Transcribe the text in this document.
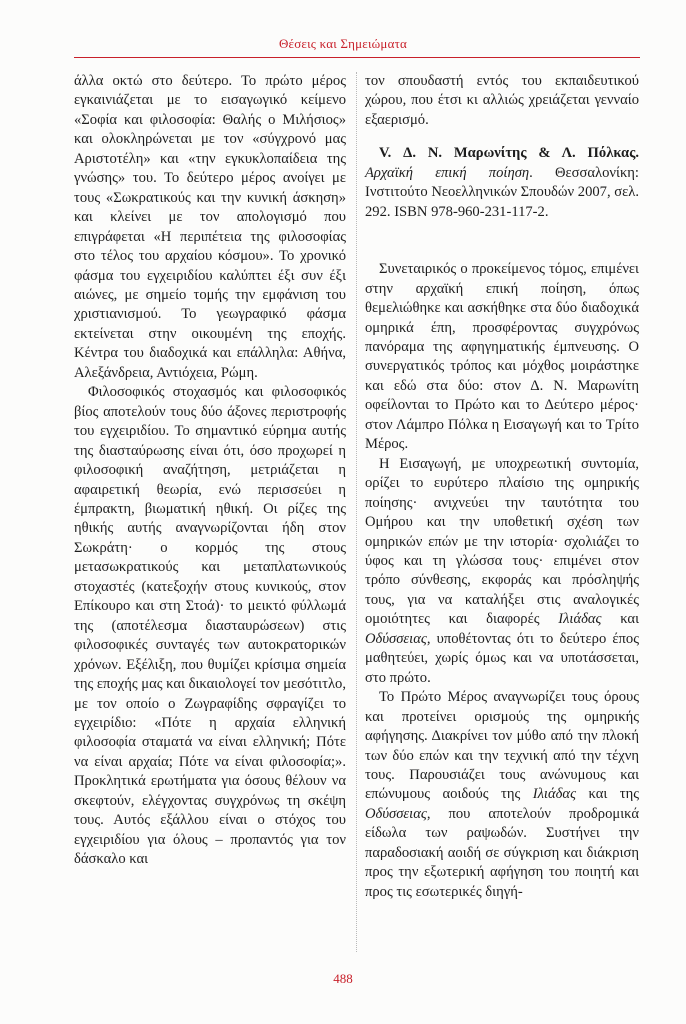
Θέσεις και Σημειώματα

άλλα οκτώ στο δεύτερο. Το πρώτο μέρος εγκαινιάζεται με το εισαγωγικό κείμενο «Σοφία και φιλοσοφία: Θαλής ο Μιλήσιος» και ολοκληρώνεται με τον «σύγχρονό μας Αριστοτέλη» και «την εγκυκλοπαίδεια της γνώσης» του. Το δεύτερο μέρος ανοίγει με τους «Σωκρατικούς και την κυνική άσκηση» και κλείνει με τον απολογισμό που επιγράφεται «Η περιπέτεια της φιλοσοφίας στο τέλος του αρχαίου κόσμου». Το χρονικό φάσμα του εγχειριδίου καλύπτει έξι συν έξι αιώνες, με σημείο τομής την εμφάνιση του χριστιανισμού. Το γεωγραφικό φάσμα εκτείνεται στην οικουμένη της εποχής. Κέντρα του διαδοχικά και επάλληλα: Αθήνα, Αλεξάνδρεια, Αντιόχεια, Ρώμη.

Φιλοσοφικός στοχασμός και φιλοσοφικός βίος αποτελούν τους δύο άξονες περιστροφής του εγχειριδίου. Το σημαντικό εύρημα αυτής της διασταύρωσης είναι ότι, όσο προχωρεί η φιλοσοφική αναζήτηση, μετριάζεται η αφαιρετική θεωρία, ενώ περισσεύει η έμπρακτη, βιωματική ηθική. Οι ρίζες της ηθικής αυτής αναγνωρίζονται ήδη στον Σωκράτη· ο κορμός της στους μετασωκρατικούς και μεταπλατωνικούς στοχαστές (κατεξοχήν στους κυνικούς, στον Επίκουρο και στη Στοά)· το μεικτό φύλλωμά της (αποτέλεσμα διασταυρώσεων) στις φιλοσοφικές συνταγές των αυτοκρατορικών χρόνων. Εξέλιξη, που θυμίζει κρίσιμα σημεία της εποχής μας και δικαιολογεί τον μεσότιτλο, με τον οποίο ο Ζωγραφίδης σφραγίζει το εγχειρίδιο: «Πότε η αρχαία ελληνική φιλοσοφία σταματά να είναι ελληνική; Πότε να είναι αρχαία; Πότε να είναι φιλοσοφία;». Προκλητικά ερωτήματα για όσους θέλουν να σκεφτούν, ελέγχοντας συγχρόνως τη σκέψη τους. Αυτός εξάλλου είναι ο στόχος του εγχειριδίου για όλους – προπαντός για τον δάσκαλο και

τον σπουδαστή εντός του εκπαιδευτικού χώρου, που έτσι κι αλλιώς χρειάζεται γενναίο εξαερισμό.

V. Δ. Ν. Μαρωνίτης & Λ. Πόλκας. Αρχαϊκή επική ποίηση. Θεσσαλονίκη: Ινστιτούτο Νεοελληνικών Σπουδών 2007, σελ. 292. ISBN 978-960-231-117-2.

Συνεταιρικός ο προκείμενος τόμος, επιμένει στην αρχαϊκή επική ποίηση, όπως θεμελιώθηκε και ασκήθηκε στα δύο διαδοχικά ομηρικά έπη, προσφέροντας συγχρόνως πανόραμα της αφηγηματικής έμπνευσης. Ο συνεργατικός τρόπος και μόχθος μοιράστηκε και εδώ στα δύο: στον Δ. Ν. Μαρωνίτη οφείλονται το Πρώτο και το Δεύτερο μέρος· στον Λάμπρο Πόλκα η Εισαγωγή και το Τρίτο Μέρος.

Η Εισαγωγή, με υποχρεωτική συντομία, ορίζει το ευρύτερο πλαίσιο της ομηρικής ποίησης· ανιχνεύει την ταυτότητα του Ομήρου και την υποθετική σχέση των ομηρικών επών με την ιστορία· σχολιάζει το ύφος και τη γλώσσα τους· επιμένει στον τρόπο σύνθεσης, εκφοράς και πρόσληψής τους, για να καταλήξει στις αναλογικές ομοιότητες και διαφορές Ιλιάδας και Οδύσσειας, υποθέτοντας ότι το δεύτερο έπος μαθητεύει, χωρίς όμως και να υποτάσσεται, στο πρώτο.

Το Πρώτο Μέρος αναγνωρίζει τους όρους και προτείνει ορισμούς της ομηρικής αφήγησης. Διακρίνει τον μύθο από την πλοκή των δύο επών και την τεχνική από την τέχνη τους. Παρουσιάζει τους ανώνυμους και επώνυμους αοιδούς της Ιλιάδας και της Οδύσσειας, που αποτελούν προδρομικά είδωλα των ραψωδών. Συστήνει την παραδοσιακή αοιδή σε σύγκριση και διάκριση προς την εξωτερική αφήγηση του ποιητή και προς τις εσωτερικές διηγή-

488
